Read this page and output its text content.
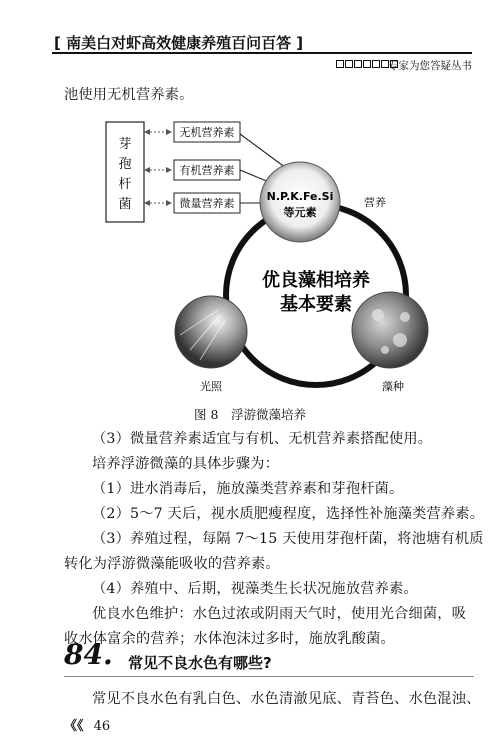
[ 南美白对虾高效健康养殖百问百答 ]
专家为您答疑丛书
池使用无机营养素。
芽
孢
杆
菌
无机营养素
有机营养素
微量营养素
N.P.K.Fe.Si
等元素
营养
优良藻相培养
基本要素
光照	藻种
图 8　浮游微藻培养
（3）微量营养素适宜与有机、无机营养素搭配使用。
培养浮游微藻的具体步骤为：
（1）进水消毒后，施放藻类营养素和芽孢杆菌。
（2）5～7 天后，视水质肥瘦程度，选择性补施藻类营养素。
（3）养殖过程，每隔 7～15 天使用芽孢杆菌，将池塘有机质
转化为浮游微藻能吸收的营养素。
（4）养殖中、后期，视藻类生长状况施放营养素。
优良水色维护：水色过浓或阴雨天气时，使用光合细菌，吸
收水体富余的营养；水体泡沫过多时，施放乳酸菌。
84. 常见不良水色有哪些?
常见不良水色有乳白色、水色清澈见底、青苔色、水色混浊、
《《 46
